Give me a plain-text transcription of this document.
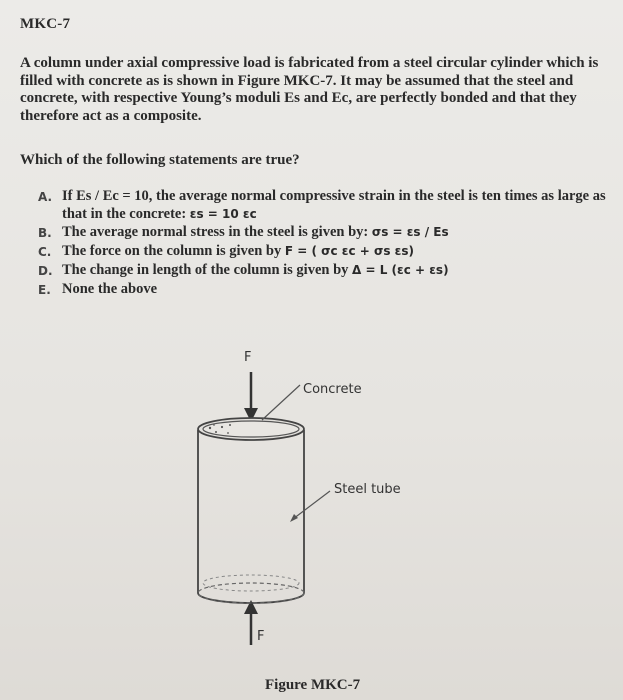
MKC-7
A column under axial compressive load is fabricated from a steel circular cylinder which is filled with concrete as is shown in Figure MKC-7. It may be assumed that the steel and concrete, with respective Young’s moduli Es and Ec, are perfectly bonded and that they therefore act as a composite.
Which of the following statements are true?
A. If Es / Ec = 10, the average normal compressive strain in the steel is ten times as large as that in the concrete: εs = 10 εc
B. The average normal stress in the steel is given by: σs = εs / Es
C. The force on the column is given by F = ( σc εc + σs εs)
D. The change in length of the column is given by Δ = L (εc + εs)
E. None the above
F
F
Concrete
Steel tube
Figure MKC-7
